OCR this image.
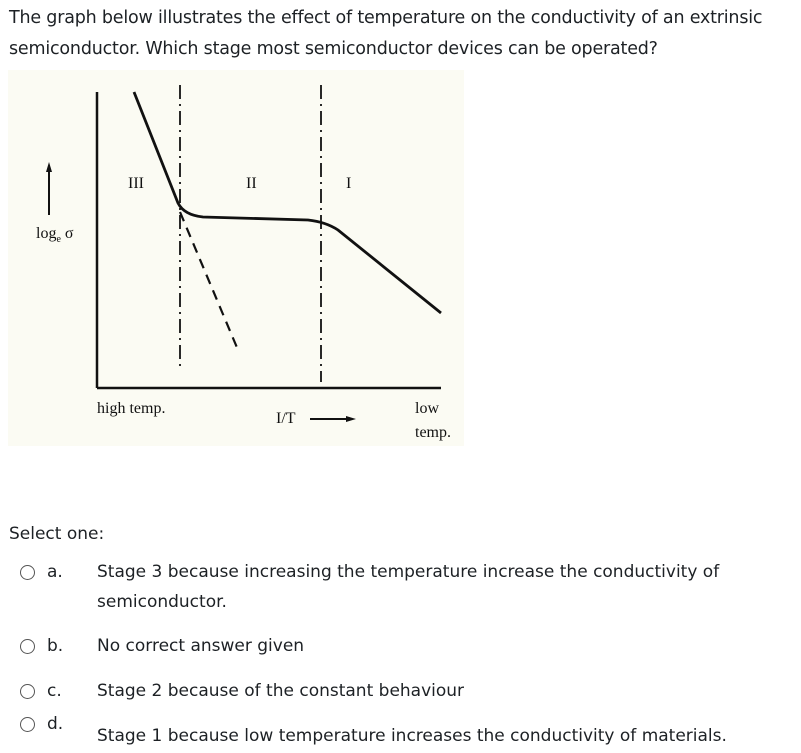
The graph below illustrates the effect of temperature on the conductivity of an extrinsic semiconductor. Which stage most semiconductor devices can be operated?
$\log_e \sigma$
III	II	I
high temp.
I/T
low
temp.
Select one:
a.	Stage 3 because increasing the temperature increase the conductivity of semiconductor.
b.	No correct answer given
c.	Stage 2 because of the constant behaviour
d.
Stage 1 because low temperature increases the conductivity of materials.
